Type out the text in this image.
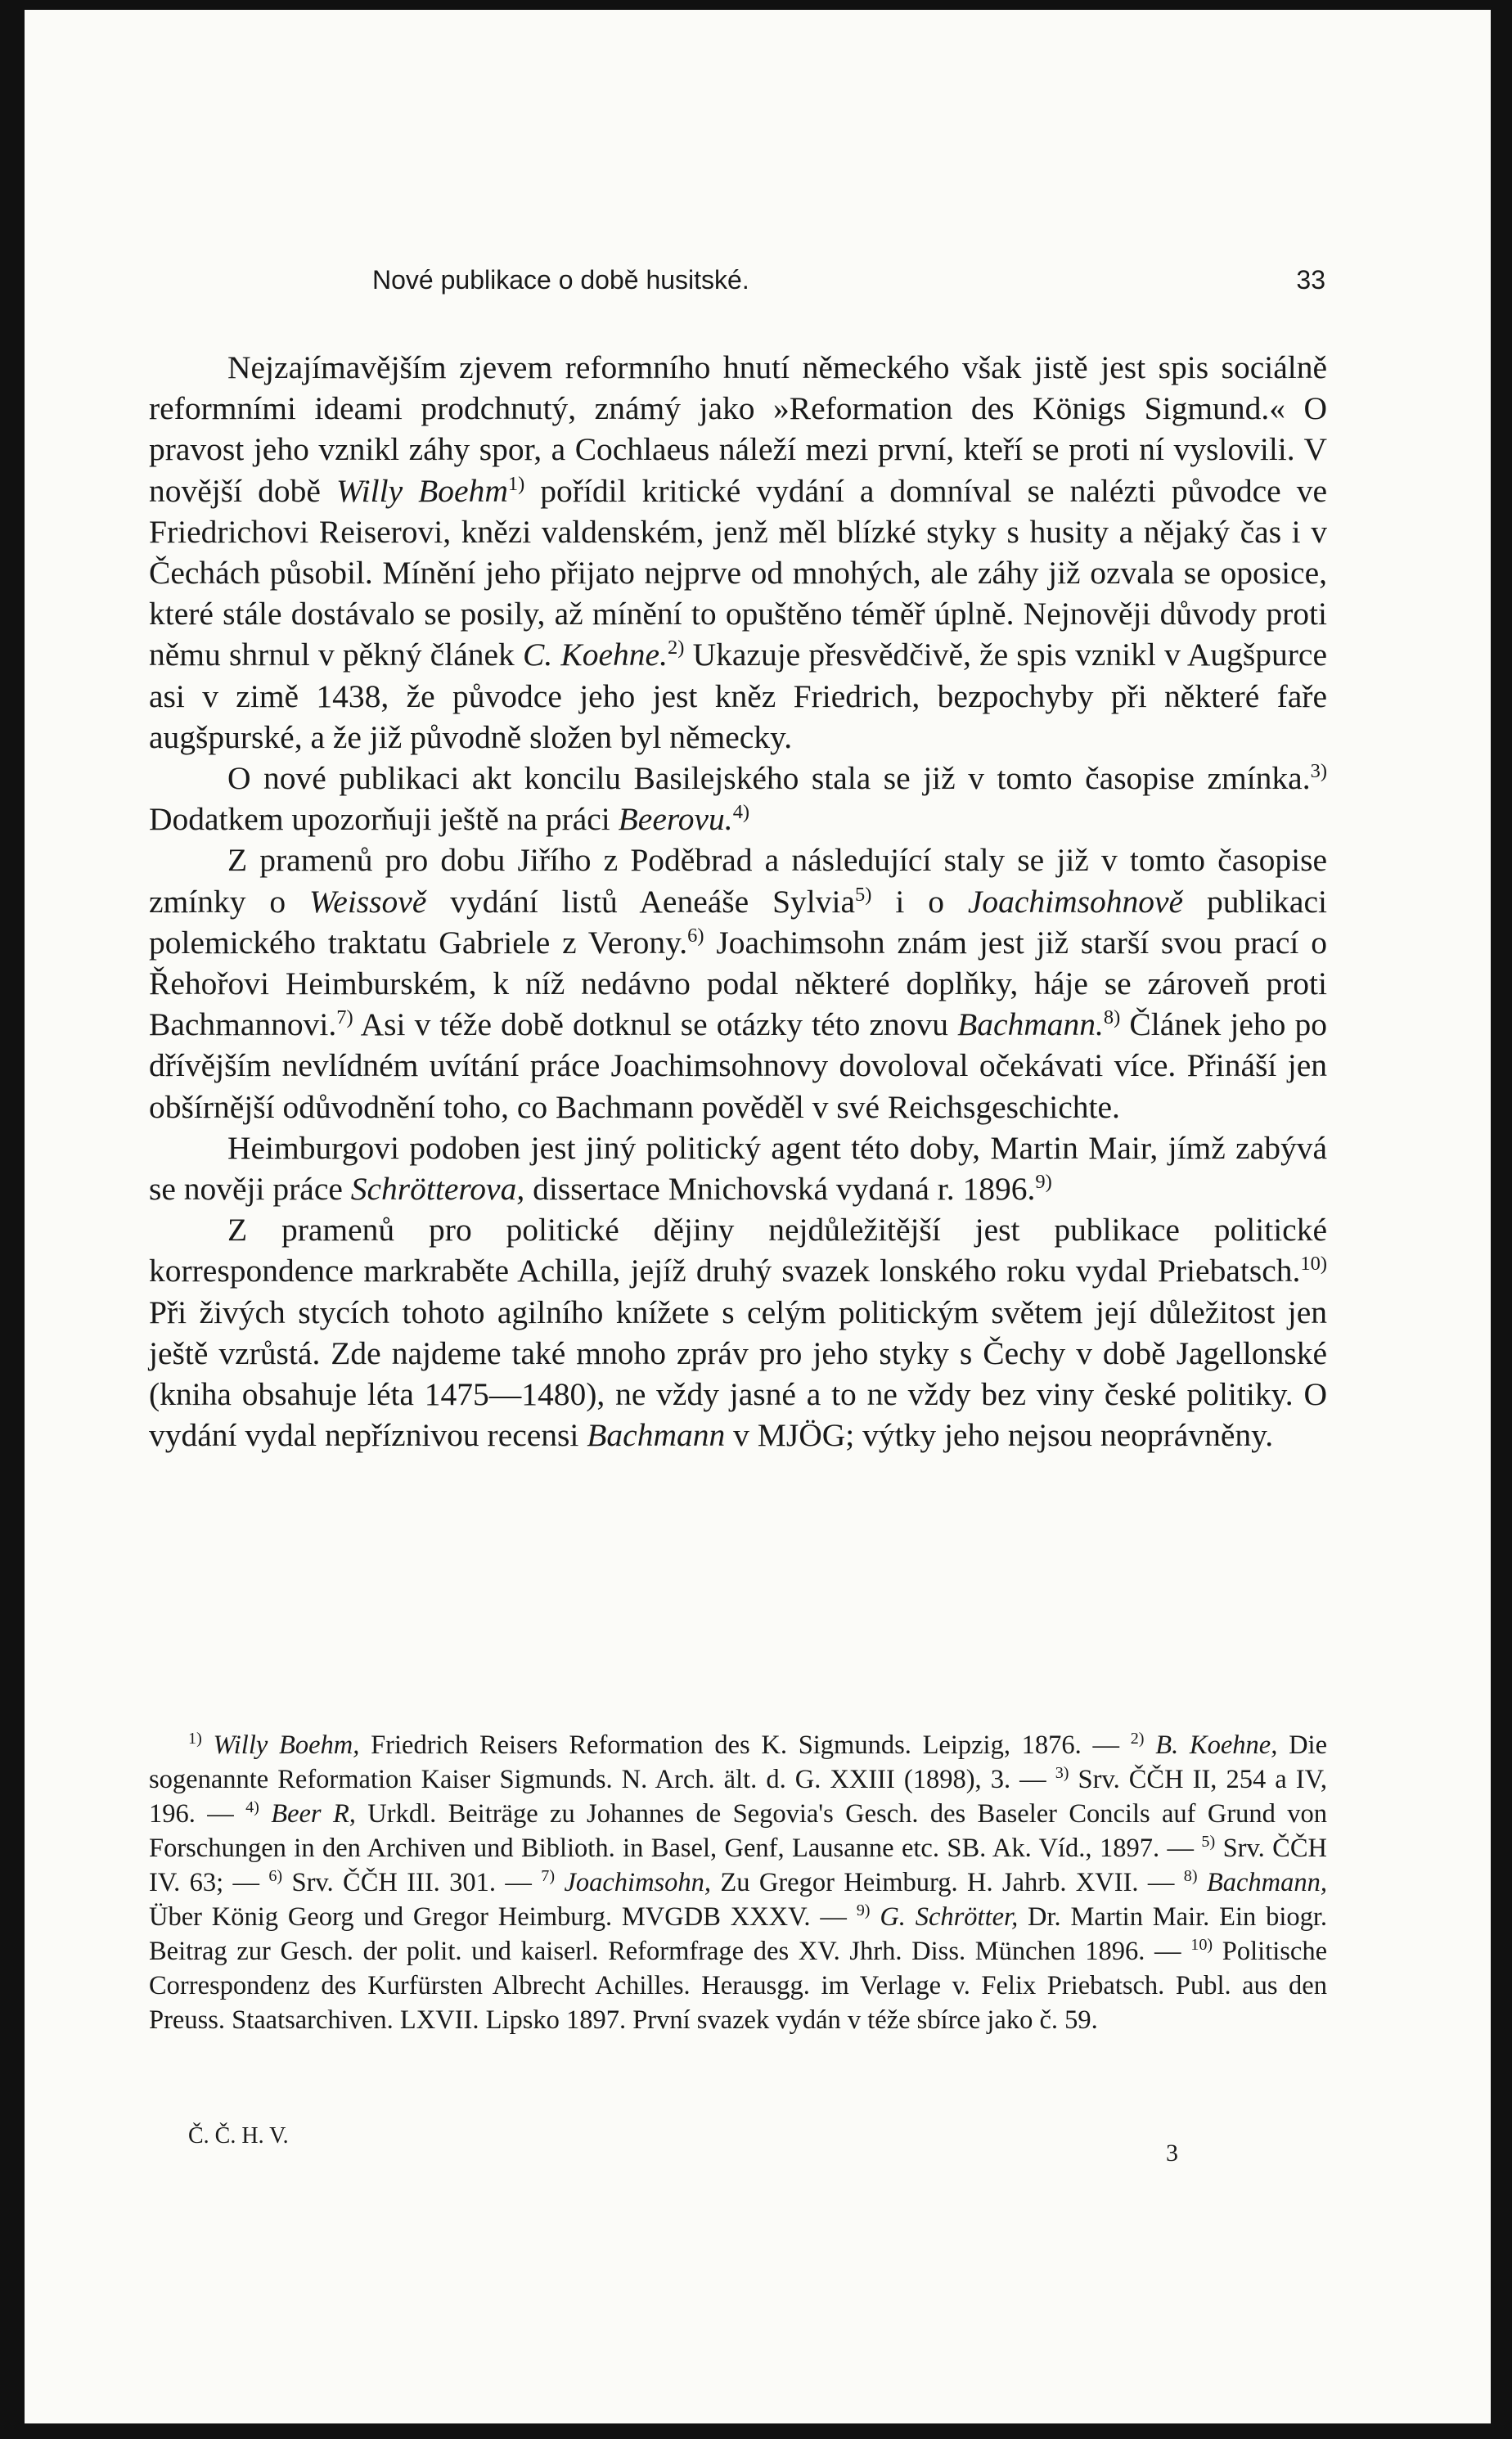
Nové publikace o době husitské.	33

Nejzajímavějším zjevem reformního hnutí německého však jistě jest spis sociálně reformními ideami prodchnutý, známý jako »Reformation des Königs Sigmund.« O pravost jeho vznikl záhy spor, a Cochlaeus náleží mezi první, kteří se proti ní vyslovili. V novější době Willy Boehm$^{1)}$ pořídil kritické vydání a domníval se nalézti původce ve Friedrichovi Reiserovi, knězi valdenském, jenž měl blízké styky s husity a nějaký čas i v Čechách působil. Mínění jeho přijato nejprve od mnohých, ale záhy již ozvala se oposice, které stále dostávalo se posily, až mínění to opuštěno téměř úplně. Nejnověji důvody proti němu shrnul v pěkný článek C. Koehne.$^{2)}$ Ukazuje přesvědčivě, že spis vznikl v Augšpurce asi v zimě 1438, že původce jeho jest kněz Friedrich, bezpochyby při některé faře augšpurské, a že již původně složen byl německy.

O nové publikaci akt koncilu Basilejského stala se již v tomto časopise zmínka.$^{3)}$ Dodatkem upozorňuji ještě na práci Beerovu.$^{4)}$

Z pramenů pro dobu Jiřího z Poděbrad a následující staly se již v tomto časopise zmínky o Weissově vydání listů Aeneáše Sylvia$^{5)}$ i o Joachimsohnově publikaci polemického traktatu Gabriele z Verony.$^{6)}$ Joachimsohn znám jest již starší svou prací o Řehořovi Heimburském, k níž nedávno podal některé doplňky, háje se zároveň proti Bachmannovi.$^{7)}$ Asi v téže době dotknul se otázky této znovu Bachmann.$^{8)}$ Článek jeho po dřívějším nevlídném uvítání práce Joachimsohnovy dovoloval očekávati více. Přináší jen obšírnější odůvodnění toho, co Bachmann pověděl v své Reichsgeschichte.

Heimburgovi podoben jest jiný politický agent této doby, Martin Mair, jímž zabývá se nověji práce Schrötterova, dissertace Mnichovská vydaná r. 1896.$^{9)}$

Z pramenů pro politické dějiny nejdůležitější jest publikace politické korrespondence markraběte Achilla, jejíž druhý svazek lonského roku vydal Priebatsch.$^{10)}$ Při živých stycích tohoto agilního knížete s celým politickým světem její důležitost jen ještě vzrůstá. Zde najdeme také mnoho zpráv pro jeho styky s Čechy v době Jagellonské (kniha obsahuje léta 1475—1480), ne vždy jasné a to ne vždy bez viny české politiky. O vydání vydal nepříznivou recensi Bachmann v MJÖG; výtky jeho nejsou neoprávněny.

$^{1)}$ Willy Boehm, Friedrich Reisers Reformation des K. Sigmunds. Leipzig, 1876. — $^{2)}$ B. Koehne, Die sogenannte Reformation Kaiser Sigmunds. N. Arch. ält. d. G. XXIII (1898), 3. — $^{3)}$ Srv. ČČH II, 254 a IV, 196. — $^{4)}$ Beer R, Urkdl. Beiträge zu Johannes de Segovia's Gesch. des Baseler Concils auf Grund von Forschungen in den Archiven und Biblioth. in Basel, Genf, Lausanne etc. SB. Ak. Víd., 1897. — $^{5)}$ Srv. ČČH IV. 63; — $^{6)}$ Srv. ČČH III. 301. — $^{7)}$ Joachimsohn, Zu Gregor Heimburg. H. Jahrb. XVII. — $^{8)}$ Bachmann, Über König Georg und Gregor Heimburg. MVGDB XXXV. — $^{9)}$ G. Schrötter, Dr. Martin Mair. Ein biogr. Beitrag zur Gesch. der polit. und kaiserl. Reformfrage des XV. Jhrh. Diss. München 1896. — $^{10)}$ Politische Correspondenz des Kurfürsten Albrecht Achilles. Herausgg. im Verlage v. Felix Priebatsch. Publ. aus den Preuss. Staatsarchiven. LXVII. Lipsko 1897. První svazek vydán v téže sbírce jako č. 59.

Č. Č. H. V.
3
